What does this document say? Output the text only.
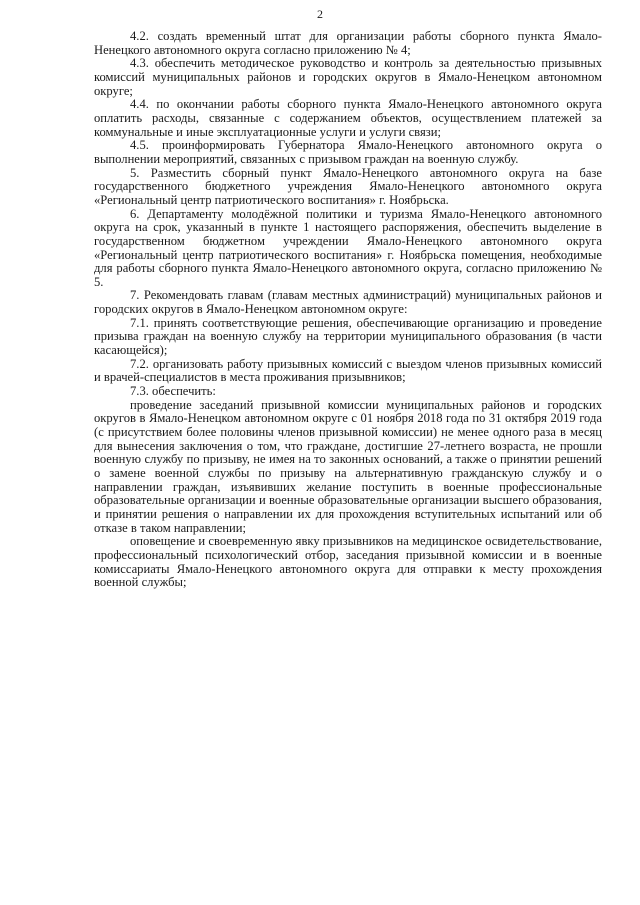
2

4.2. создать временный штат для организации работы сборного пункта Ямало-Ненецкого автономного округа согласно приложению № 4;

4.3. обеспечить методическое руководство и контроль за деятельностью призывных комиссий муниципальных районов и городских округов в Ямало-Ненецком автономном округе;

4.4. по окончании работы сборного пункта Ямало-Ненецкого автономного округа оплатить расходы, связанные с содержанием объектов, осуществлением платежей за коммунальные и иные эксплуатационные услуги и услуги связи;

4.5. проинформировать Губернатора Ямало-Ненецкого автономного округа о выполнении мероприятий, связанных с призывом граждан на военную службу.

5. Разместить сборный пункт Ямало-Ненецкого автономного округа на базе государственного бюджетного учреждения Ямало-Ненецкого автономного округа «Региональный центр патриотического воспитания» г. Ноябрьска.

6. Департаменту молодёжной политики и туризма Ямало-Ненецкого автономного округа на срок, указанный в пункте 1 настоящего распоряжения, обеспечить выделение в государственном бюджетном учреждении Ямало-Ненецкого автономного округа «Региональный центр патриотического воспитания» г. Ноябрьска помещения, необходимые для работы сборного пункта Ямало-Ненецкого автономного округа, согласно приложению № 5.

7. Рекомендовать главам (главам местных администраций) муниципальных районов и городских округов в Ямало-Ненецком автономном округе:

7.1. принять соответствующие решения, обеспечивающие организацию и проведение призыва граждан на военную службу на территории муниципального образования (в части касающейся);

7.2. организовать работу призывных комиссий с выездом членов призывных комиссий и врачей-специалистов в места проживания призывников;

7.3. обеспечить:

проведение заседаний призывной комиссии муниципальных районов и городских округов в Ямало-Ненецком автономном округе с 01 ноября 2018 года по 31 октября 2019 года (с присутствием более половины членов призывной комиссии) не менее одного раза в месяц для вынесения заключения о том, что граждане, достигшие 27-летнего возраста, не прошли военную службу по призыву, не имея на то законных оснований, а также о принятии решений о замене военной службы по призыву на альтернативную гражданскую службу и о направлении граждан, изъявивших желание поступить в военные профессиональные образовательные организации и военные образовательные организации высшего образования, и принятии решения о направлении их для прохождения вступительных испытаний или об отказе в таком направлении;

оповещение и своевременную явку призывников на медицинское освидетельствование, профессиональный психологический отбор, заседания призывной комиссии и в военные комиссариаты Ямало-Ненецкого автономного округа для отправки к месту прохождения военной службы;
